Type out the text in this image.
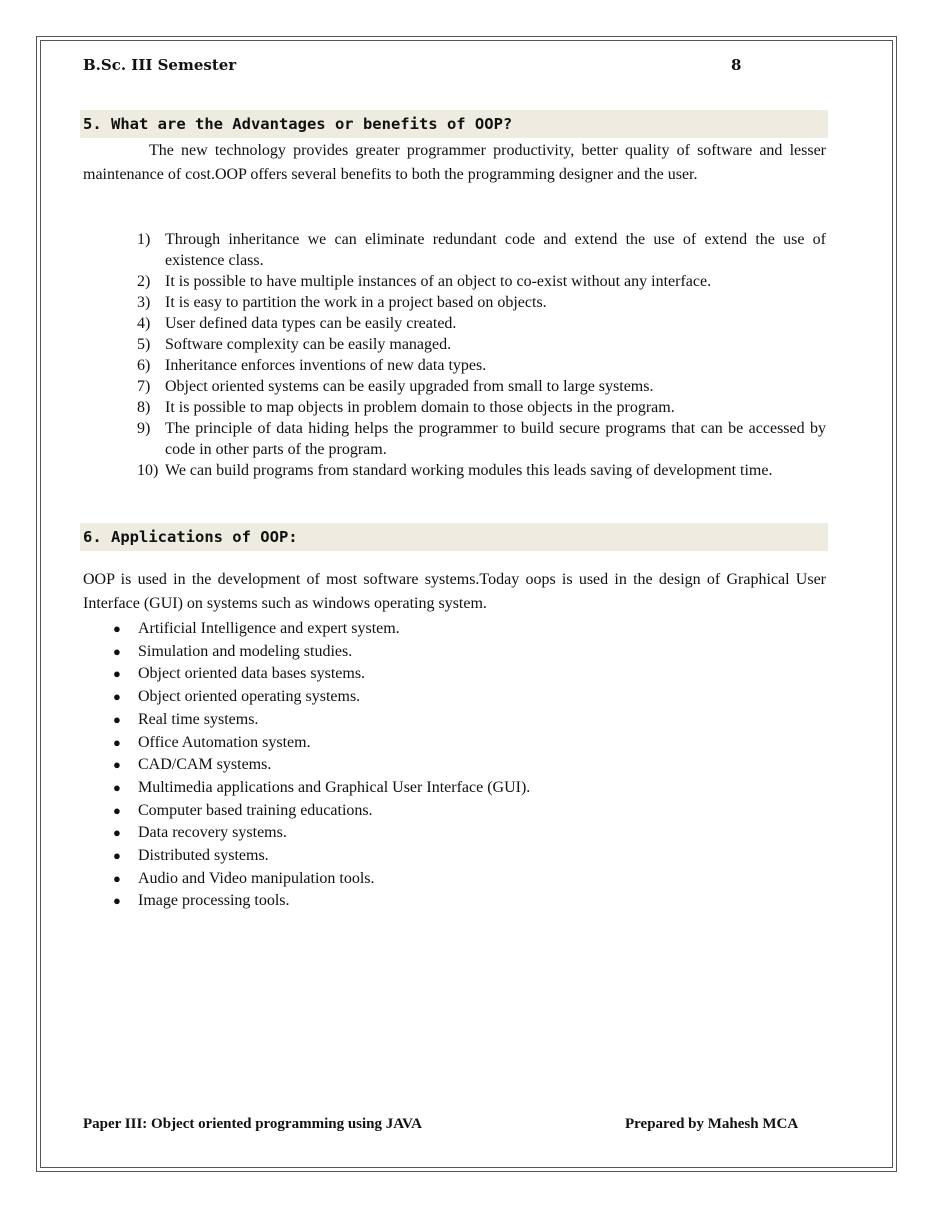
B.Sc. III Semester	8
5. What are the Advantages or benefits of OOP?
The new technology provides greater programmer productivity, better quality of software and lesser maintenance of cost.OOP offers several benefits to both the programming designer and the user.
1) Through inheritance we can eliminate redundant code and extend the use of extend the use of existence class.
2) It is possible to have multiple instances of an object to co-exist without any interface.
3) It is easy to partition the work in a project based on objects.
4) User defined data types can be easily created.
5) Software complexity can be easily managed.
6) Inheritance enforces inventions of new data types.
7) Object oriented systems can be easily upgraded from small to large systems.
8) It is possible to map objects in problem domain to those objects in the program.
9) The principle of data hiding helps the programmer to build secure programs that can be accessed by code in other parts of the program.
10) We can build programs from standard working modules this leads saving of development time.
6. Applications of OOP:
OOP is used in the development of most software systems.Today oops is used in the design of Graphical User Interface (GUI) on systems such as windows operating system.
● Artificial Intelligence and expert system.
● Simulation and modeling studies.
● Object oriented data bases systems.
● Object oriented operating systems.
● Real time systems.
● Office Automation system.
● CAD/CAM systems.
● Multimedia applications and Graphical User Interface (GUI).
● Computer based training educations.
● Data recovery systems.
● Distributed systems.
● Audio and Video manipulation tools.
● Image processing tools.
Paper III: Object oriented programming using JAVA	Prepared by Mahesh MCA
